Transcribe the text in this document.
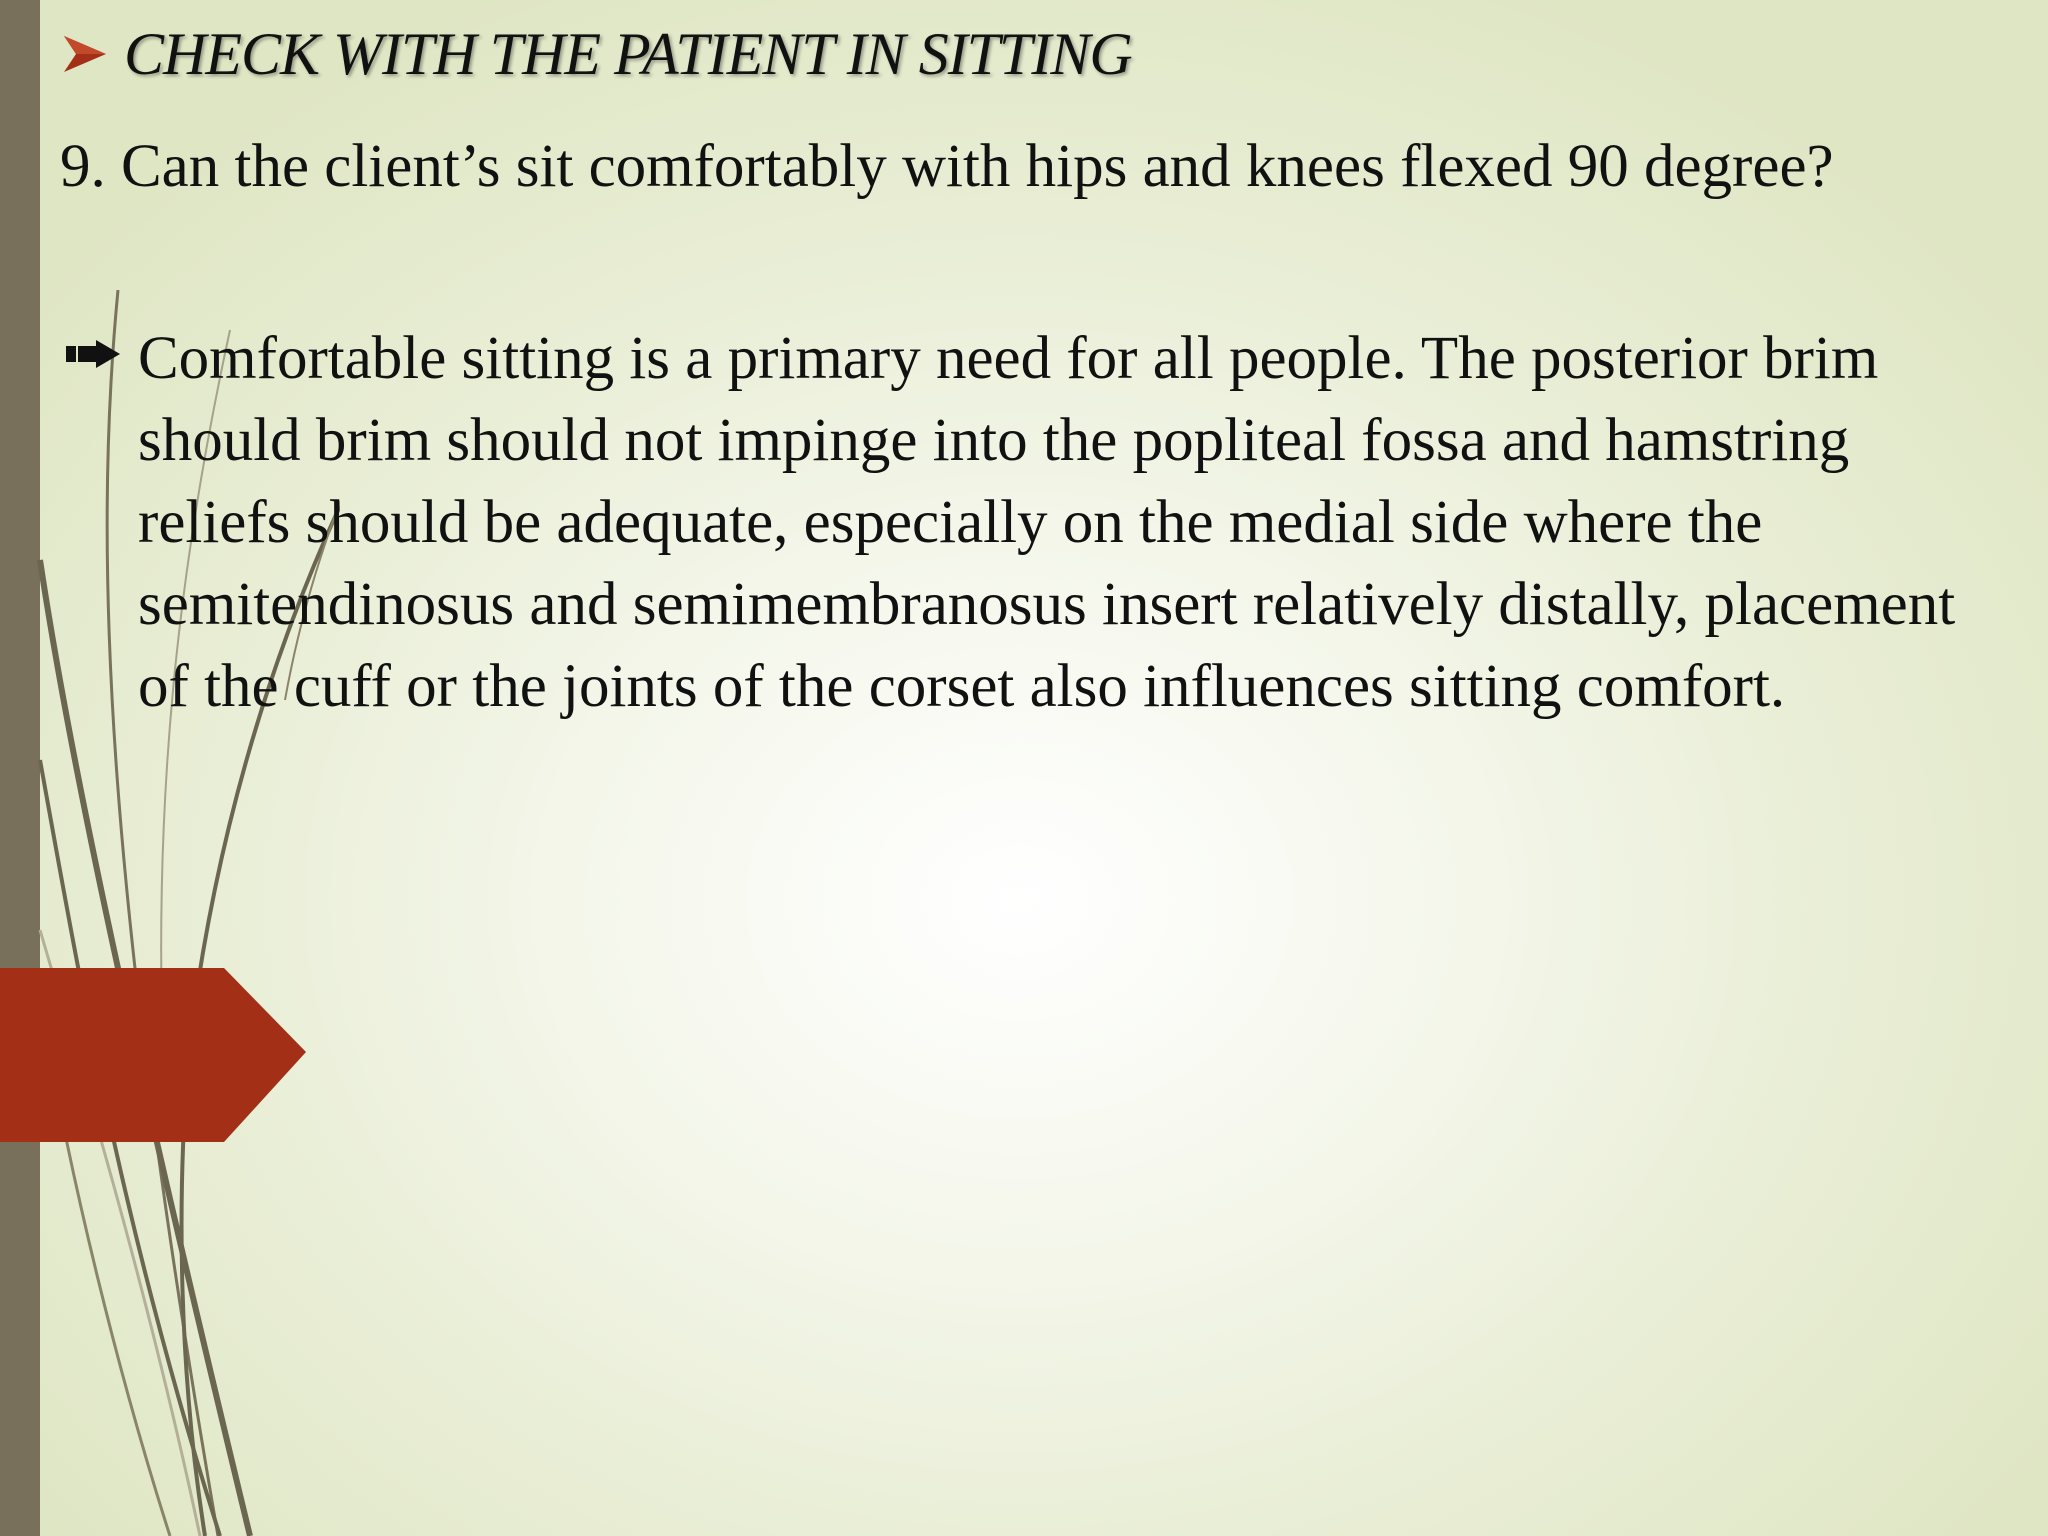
CHECK WITH THE PATIENT IN SITTING
9. Can the client’s sit comfortably with hips and knees flexed 90 degree?
Comfortable sitting is a primary need for all people. The posterior brim should brim should not impinge into the popliteal fossa and hamstring reliefs should be adequate, especially on the medial side where the semitendinosus and semimembranosus insert relatively distally, placement of the cuff or the joints of the corset also influences sitting comfort.
